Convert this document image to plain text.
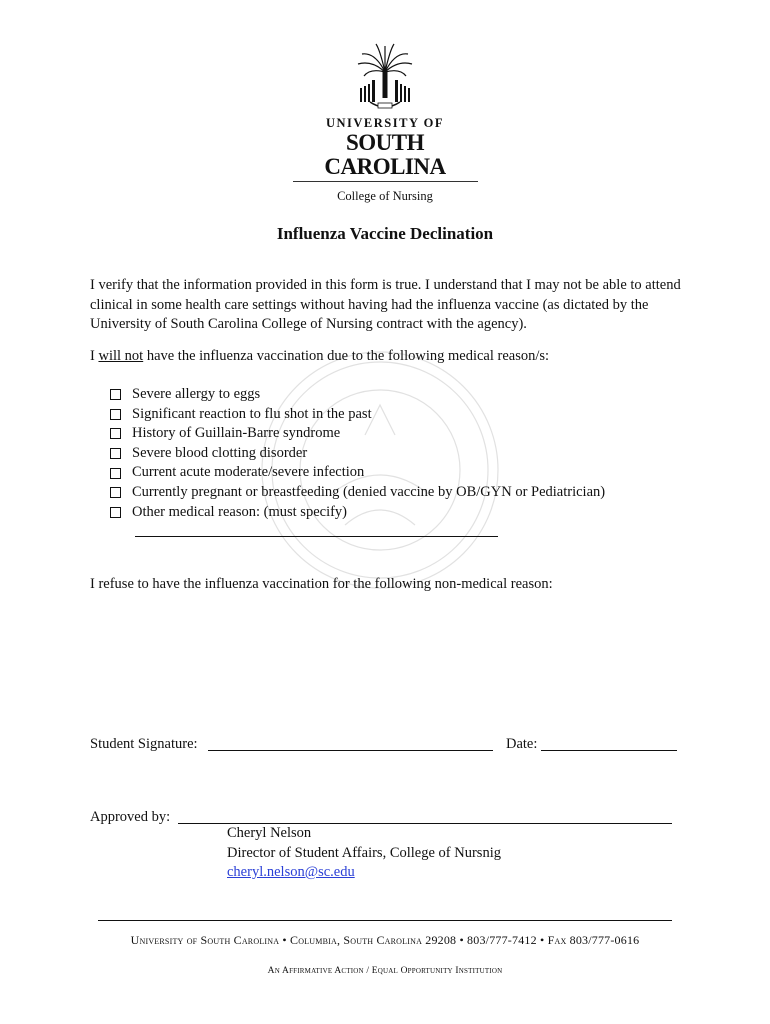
UNIVERSITY OF
SOUTH CAROLINA
College of Nursing
Influenza Vaccine Declination
I verify that the information provided in this form is true. I understand that I may not be able to attend clinical in some health care settings without having had the influenza vaccine (as dictated by the University of South Carolina College of Nursing contract with the agency).
I will not have the influenza vaccination due to the following medical reason/s:
Severe allergy to eggs
Significant reaction to flu shot in the past
History of Guillain-Barre syndrome
Severe blood clotting disorder
Current acute moderate/severe infection
Currently pregnant or breastfeeding (denied vaccine by OB/GYN or Pediatrician)
Other medical reason: (must specify)
I refuse to have the influenza vaccination for the following non-medical reason:
Student Signature:	Date:
Approved by:
Cheryl Nelson
Director of Student Affairs, College of Nursnig
cheryl.nelson@sc.edu
University of South Carolina • Columbia, South Carolina 29208 • 803/777-7412 • Fax 803/777-0616
An Affirmative Action / Equal Opportunity Institution
